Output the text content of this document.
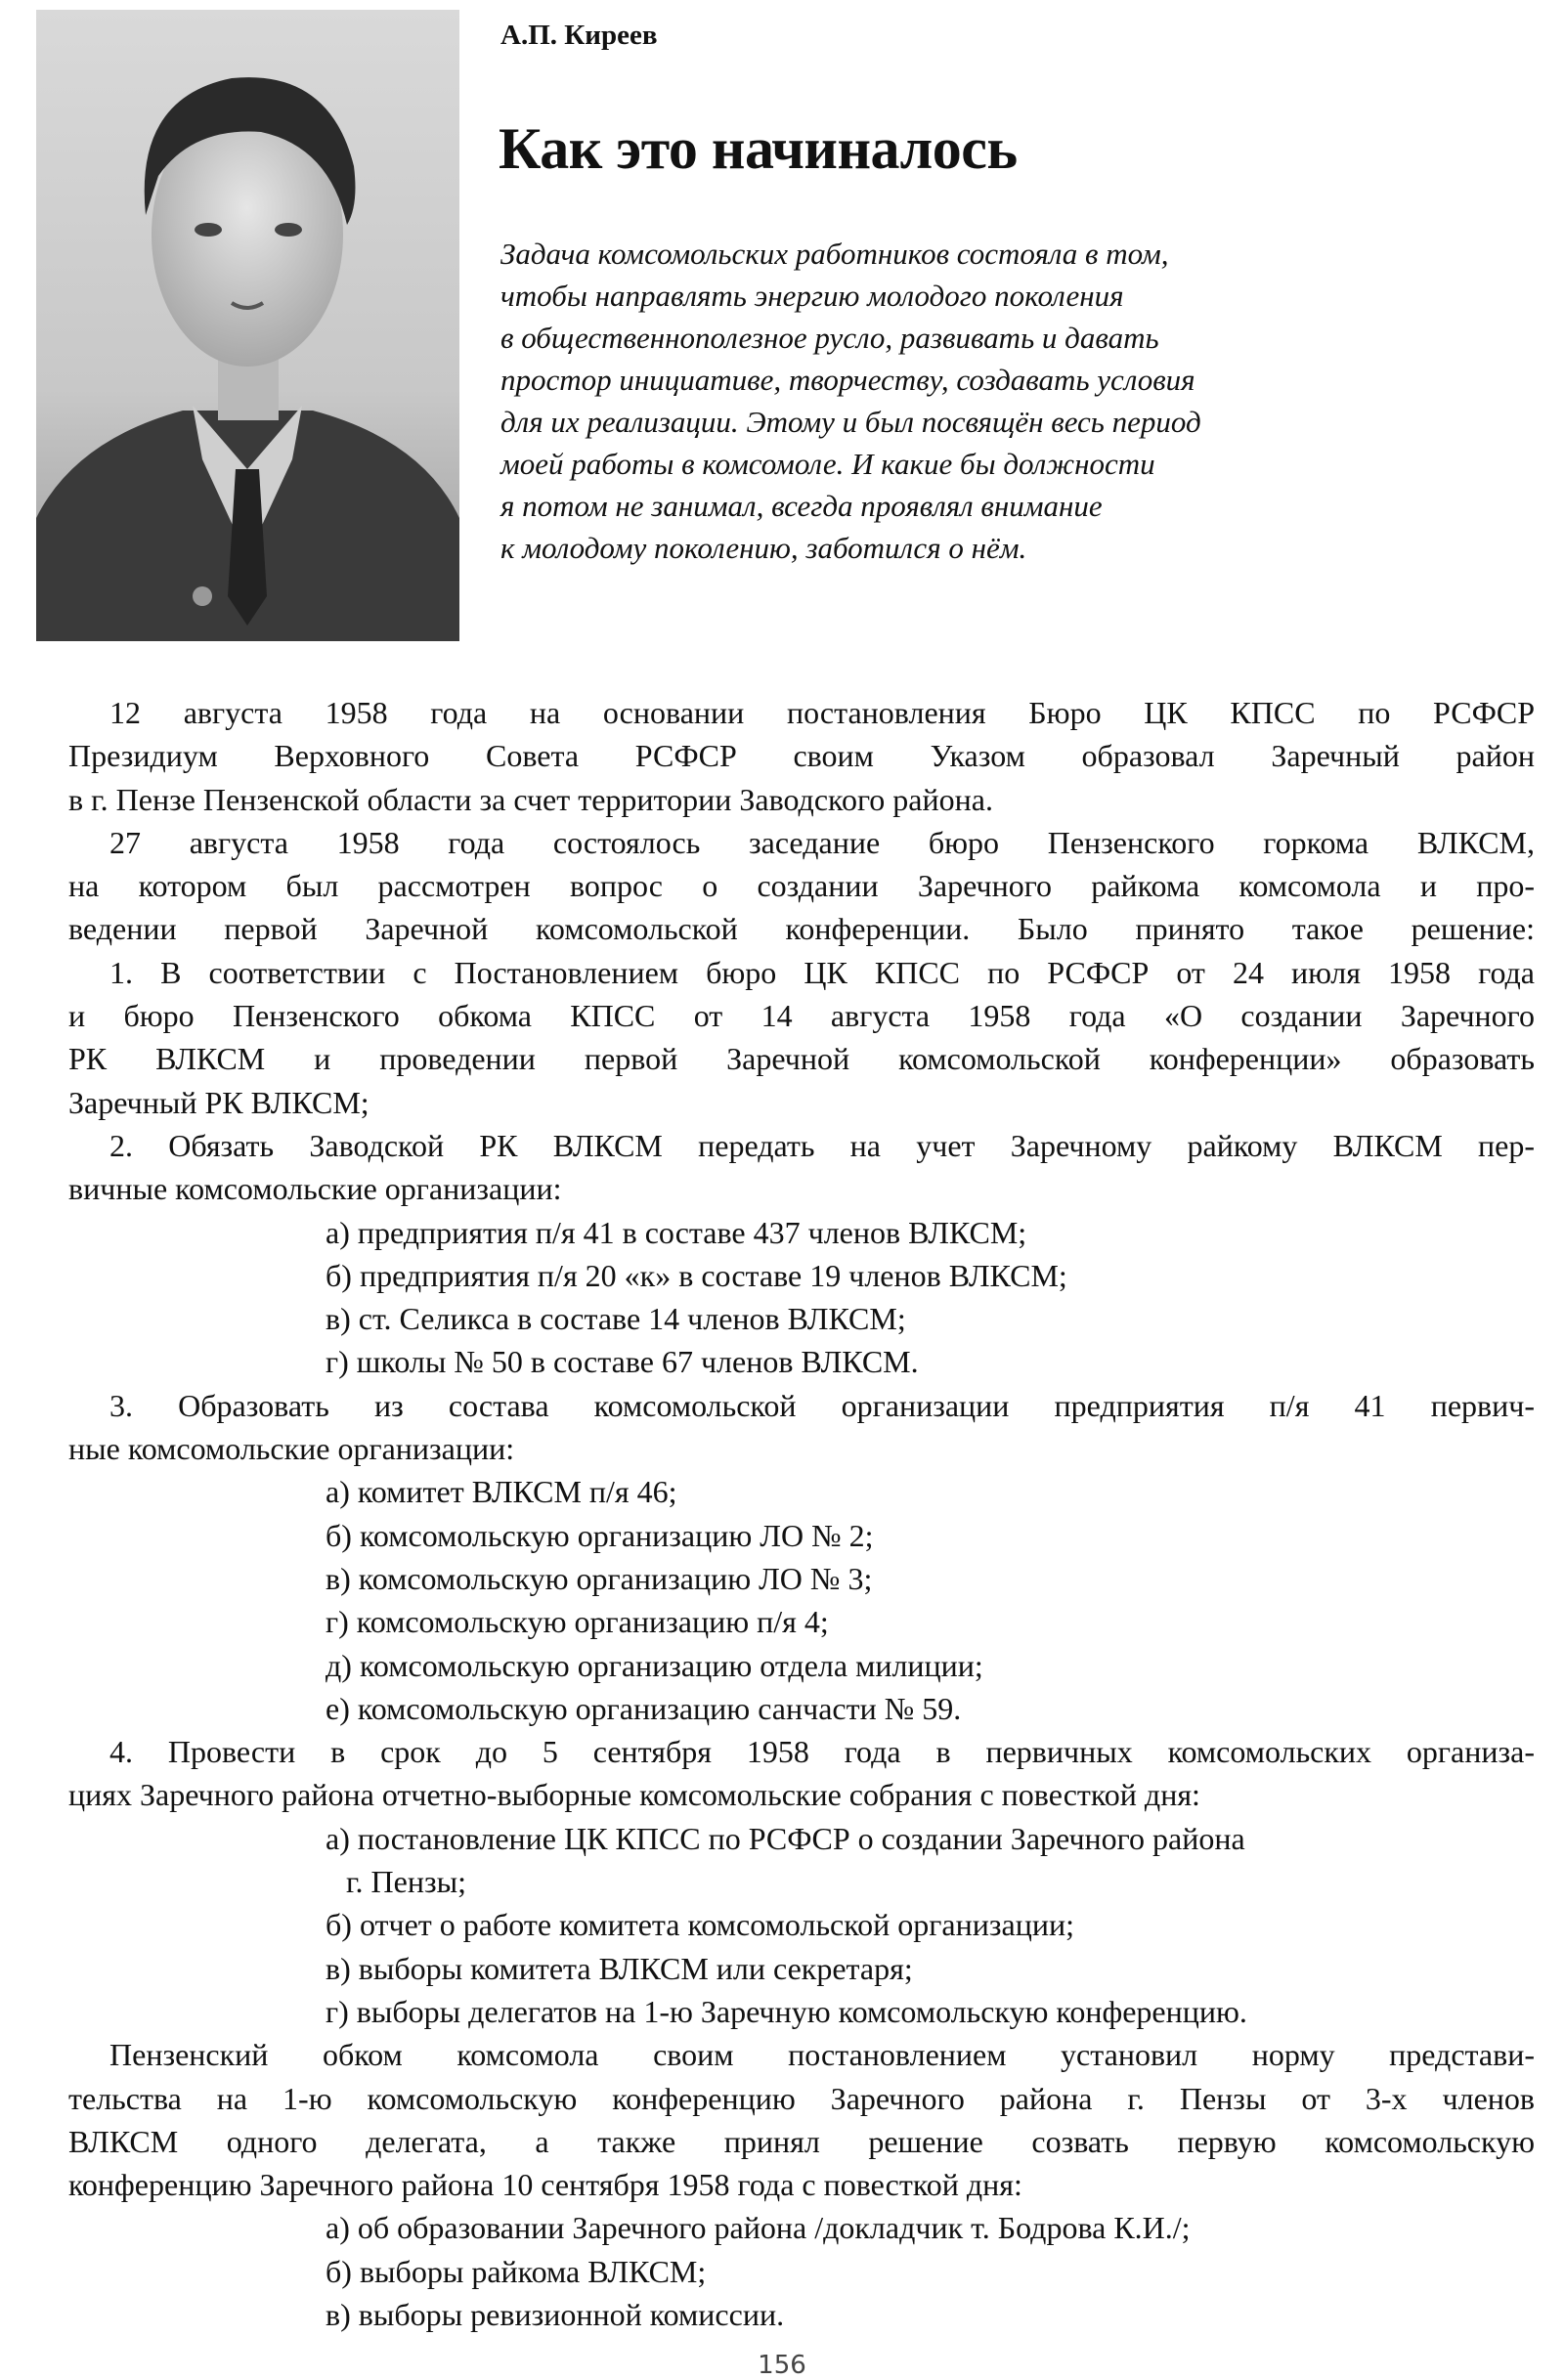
А.П. Киреев
Как это начиналось
Задача комсомольских работников состояла в том,
чтобы направлять энергию молодого поколения
в общественнополезное русло, развивать и давать
простор инициативе, творчеству, создавать условия
для их реализации. Этому и был посвящён весь период
моей работы в комсомоле. И какие бы должности
я потом не занимал, всегда проявлял внимание
к молодому поколению, заботился о нём.
12 августа 1958 года на основании постановления Бюро ЦК КПСС по РСФСР
Президиум Верховного Совета РСФСР своим Указом образовал Заречный район
в г. Пензе Пензенской области за счет территории Заводского района.
27 августа 1958 года состоялось заседание бюро Пензенского горкома ВЛКСМ,
на котором был рассмотрен вопрос о создании Заречного райкома комсомола и про-
ведении первой Заречной комсомольской конференции. Было принято такое решение:
1. В соответствии с Постановлением бюро ЦК КПСС по РСФСР от 24 июля 1958 года
и бюро Пензенского обкома КПСС от 14 августа 1958 года «О создании Заречного
РК ВЛКСМ и проведении первой Заречной комсомольской конференции» образовать
Заречный РК ВЛКСМ;
2. Обязать Заводской РК ВЛКСМ передать на учет Заречному райкому ВЛКСМ пер-
вичные комсомольские организации:
а) предприятия п/я 41 в составе 437 членов ВЛКСМ;
б) предприятия п/я 20 «к» в составе 19 членов ВЛКСМ;
в) ст. Селикса в составе 14 членов ВЛКСМ;
г) школы № 50 в составе 67 членов ВЛКСМ.
3. Образовать из состава комсомольской организации предприятия п/я 41 первич-
ные комсомольские организации:
а) комитет ВЛКСМ п/я 46;
б) комсомольскую организацию ЛО № 2;
в) комсомольскую организацию ЛО № 3;
г) комсомольскую организацию п/я 4;
д) комсомольскую организацию отдела милиции;
е) комсомольскую организацию санчасти № 59.
4. Провести в срок до 5 сентября 1958 года в первичных комсомольских организа-
циях Заречного района отчетно-выборные комсомольские собрания с повесткой дня:
а) постановление ЦК КПСС по РСФСР о создании Заречного района
г. Пензы;
б) отчет о работе комитета комсомольской организации;
в) выборы комитета ВЛКСМ или секретаря;
г) выборы делегатов на 1-ю Заречную комсомольскую конференцию.
Пензенский обком комсомола своим постановлением установил норму представи-
тельства на 1-ю комсомольскую конференцию Заречного района г. Пензы от 3-х членов
ВЛКСМ одного делегата, а также принял решение созвать первую комсомольскую
конференцию Заречного района 10 сентября 1958 года с повесткой дня:
а) об образовании Заречного района /докладчик т. Бодрова К.И./;
б) выборы райкома ВЛКСМ;
в) выборы ревизионной комиссии.
156
